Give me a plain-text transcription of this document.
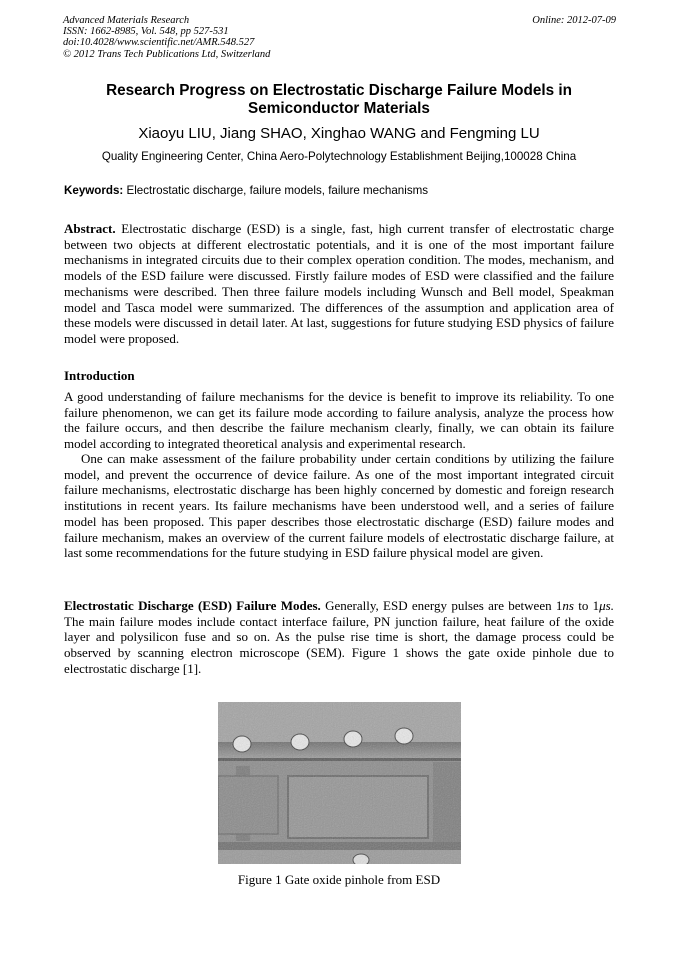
Advanced Materials Research
ISSN: 1662-8985, Vol. 548, pp 527-531
doi:10.4028/www.scientific.net/AMR.548.527
© 2012 Trans Tech Publications Ltd, Switzerland
Online: 2012-07-09
Research Progress on Electrostatic Discharge Failure Models in Semiconductor Materials
Xiaoyu LIU, Jiang SHAO, Xinghao WANG and Fengming LU
Quality Engineering Center, China Aero-Polytechnology Establishment Beijing,100028 China
Keywords: Electrostatic discharge, failure models, failure mechanisms
Abstract. Electrostatic discharge (ESD) is a single, fast, high current transfer of electrostatic charge between two objects at different electrostatic potentials, and it is one of the most important failure mechanisms in integrated circuits due to their complex operation condition. The modes, mechanism, and models of the ESD failure were discussed. Firstly failure modes of ESD were classified and the failure mechanisms were described. Then three failure models including Wunsch and Bell model, Speakman model and Tasca model were summarized. The differences of the assumption and application area of these models were discussed in detail later. At last, suggestions for future studying ESD physics of failure model were proposed.
Introduction
A good understanding of failure mechanisms for the device is benefit to improve its reliability. To one failure phenomenon, we can get its failure mode according to failure analysis, analyze the process how the failure occurs, and then describe the failure mechanism clearly, finally, we can obtain its failure model according to integrated theoretical analysis and experimental research.
One can make assessment of the failure probability under certain conditions by utilizing the failure model, and prevent the occurrence of device failure. As one of the most important integrated circuit failure mechanisms, electrostatic discharge has been highly concerned by domestic and foreign research institutions in recent years. Its failure mechanisms have been understood well, and a series of failure model has been proposed. This paper describes those electrostatic discharge (ESD) failure modes and failure mechanism, makes an overview of the current failure models of electrostatic discharge failure, at last some recommendations for the future studying in ESD failure physical model are given.
Electrostatic Discharge (ESD) Failure Modes. Generally, ESD energy pulses are between 1ns to 1μs. The main failure modes include contact interface failure, PN junction failure, heat failure of the oxide layer and polysilicon fuse and so on. As the pulse rise time is short, the damage process could be observed by scanning electron microscope (SEM). Figure 1 shows the gate oxide pinhole due to electrostatic discharge [1].
Figure 1 Gate oxide pinhole from ESD
